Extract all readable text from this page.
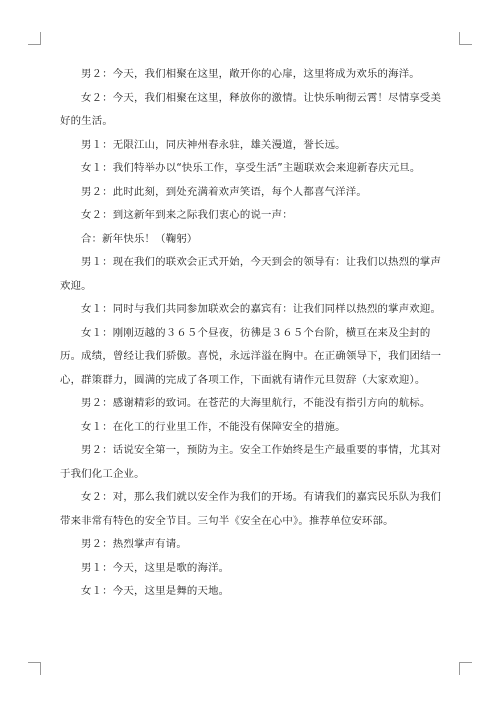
男２：今天，我们相聚在这里，敞开你的心扉，这里将成为欢乐的海洋。

女２：今天，我们相聚在这里，释放你的激情。让快乐响彻云霄！尽情享受美好的生活。

男１：无限江山，同庆神州春永驻，雄关漫道，誉长远。

女１：我们特举办以“快乐工作，享受生活”主题联欢会来迎新春庆元旦。

男２：此时此刻，到处充满着欢声笑语，每个人都喜气洋洋。

女２：到这新年到来之际我们衷心的说一声：

合：新年快乐！（鞠躬）

男１：现在我们的联欢会正式开始，今天到会的领导有：让我们以热烈的掌声欢迎。

女１：同时与我们共同参加联欢会的嘉宾有：让我们同样以热烈的掌声欢迎。

女１：刚刚迈越的３６５个昼夜，彷彿是３６５个台阶，横亘在来及尘封的历。成绩，曾经让我们骄傲。喜悦，永远洋溢在胸中。在正确领导下，我们团结一心，群策群力，圆满的完成了各项工作，下面就有请作元旦贺辞（大家欢迎）。

男２：感谢精彩的致词。在苍茫的大海里航行，不能没有指引方向的航标。

女１：在化工的行业里工作，不能没有保障安全的措施。

男２：话说安全第一，预防为主。安全工作始终是生产最重要的事情，尤其对于我们化工企业。

女２：对，那么我们就以安全作为我们的开场。有请我们的嘉宾民乐队为我们带来非常有特色的安全节目。三句半《安全在心中》。推荐单位安环部。

男２：热烈掌声有请。

男１：今天，这里是歌的海洋。

女１：今天，这里是舞的天地。
